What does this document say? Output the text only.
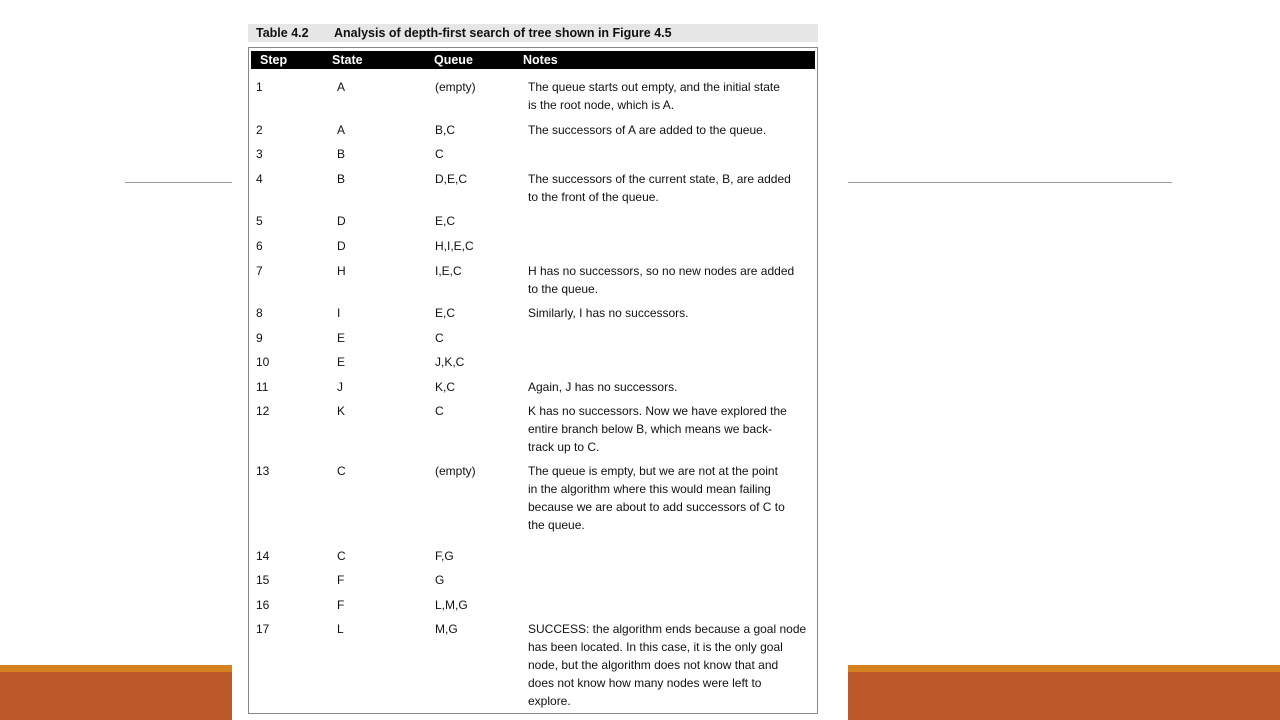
Table 4.2 Analysis of depth-first search of tree shown in Figure 4.5
Step	State	Queue	Notes
1	A	(empty)	The queue starts out empty, and the initial state
is the root node, which is A.
2	A	B,C	The successors of A are added to the queue.
3	B	C
4	B	D,E,C	The successors of the current state, B, are added
to the front of the queue.
5	D	E,C
6	D	H,I,E,C
7	H	I,E,C	H has no successors, so no new nodes are added
to the queue.
8	I	E,C	Similarly, I has no successors.
9	E	C
10	E	J,K,C
11	J	K,C	Again, J has no successors.
12	K	C	K has no successors. Now we have explored the
entire branch below B, which means we back-
track up to C.
13	C	(empty)	The queue is empty, but we are not at the point
in the algorithm where this would mean failing
because we are about to add successors of C to
the queue.
14	C	F,G
15	F	G
16	F	L,M,G
17	L	M,G	SUCCESS: the algorithm ends because a goal node
has been located. In this case, it is the only goal
node, but the algorithm does not know that and
does not know how many nodes were left to
explore.
